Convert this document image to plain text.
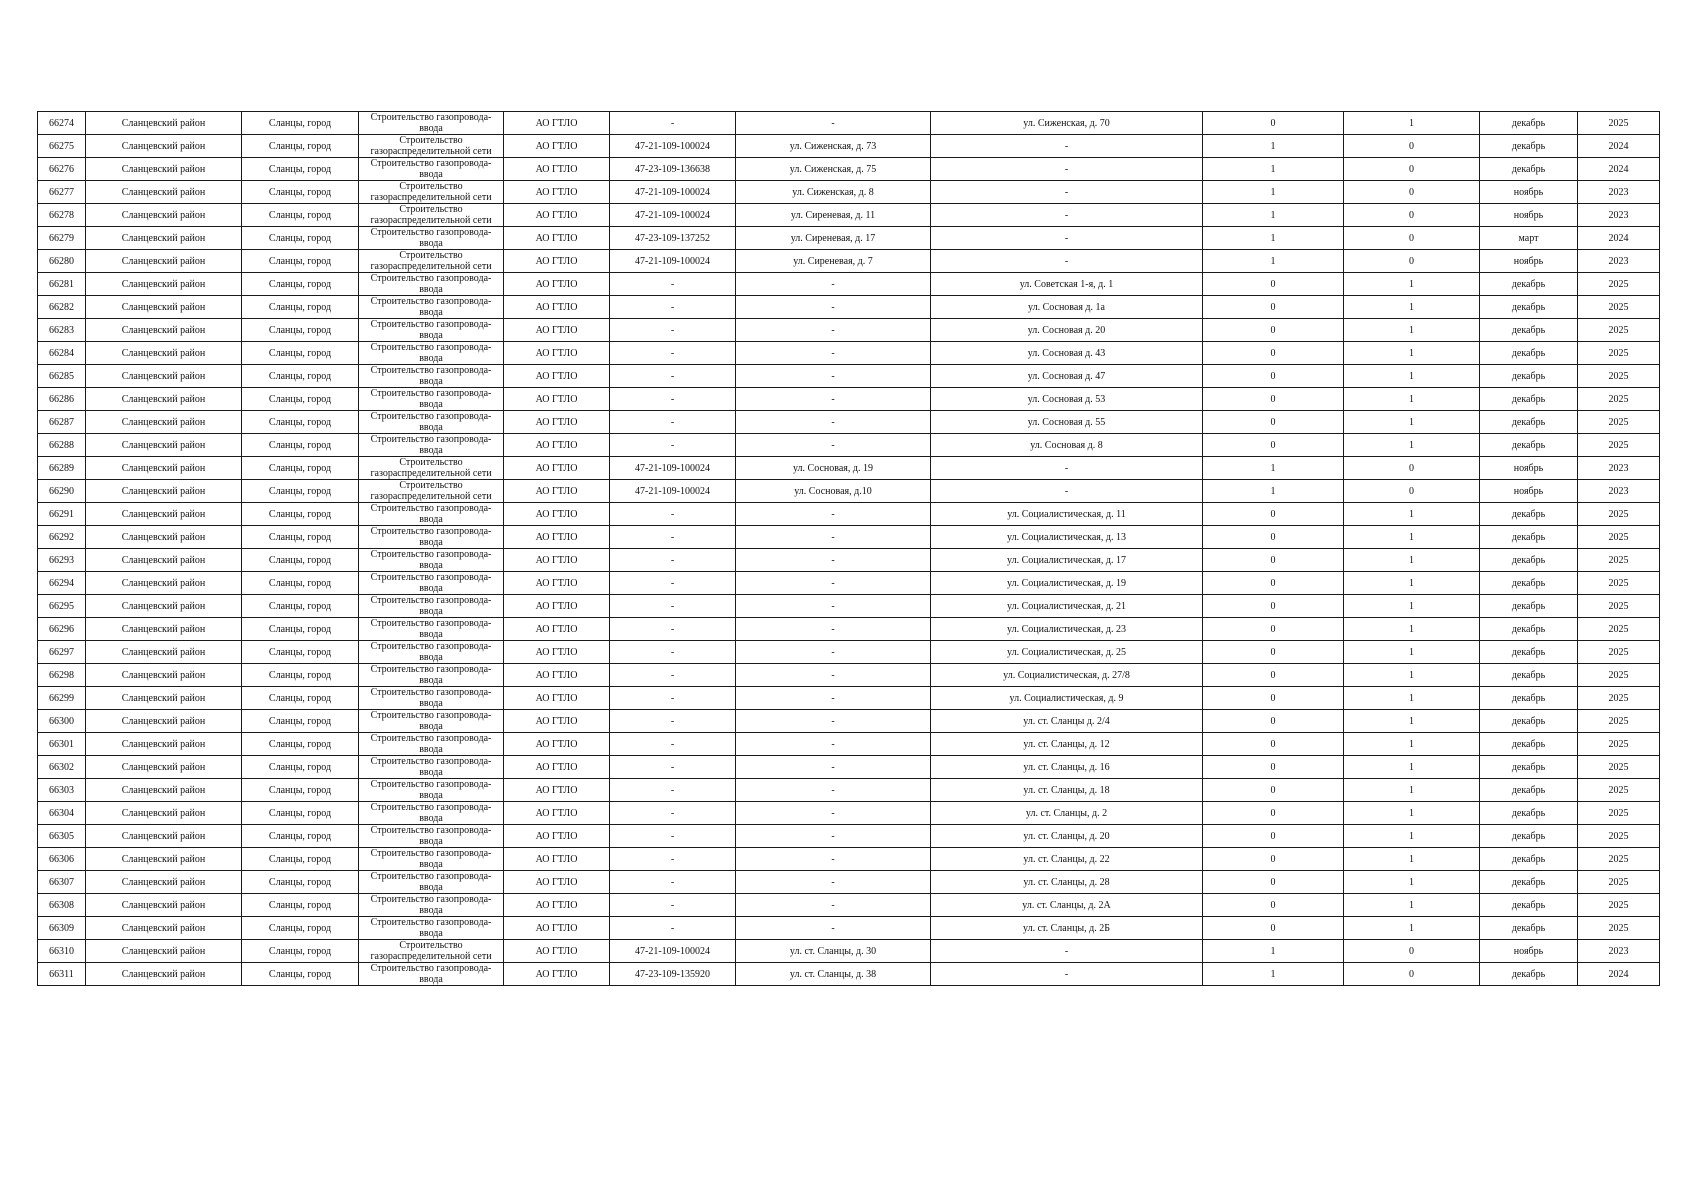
66274	Сланцевский район	Сланцы, город	Строительство газопровода-ввода	АО ГТЛО	-	-	ул. Сиженская, д. 70	0	1	декабрь	2025
66275	Сланцевский район	Сланцы, город	Строительство газораспределительной сети	АО ГТЛО	47-21-109-100024	ул. Сиженская, д. 73	-	1	0	декабрь	2024
66276	Сланцевский район	Сланцы, город	Строительство газопровода-ввода	АО ГТЛО	47-23-109-136638	ул. Сиженская, д. 75	-	1	0	декабрь	2024
66277	Сланцевский район	Сланцы, город	Строительство газораспределительной сети	АО ГТЛО	47-21-109-100024	ул. Сиженская, д. 8	-	1	0	ноябрь	2023
66278	Сланцевский район	Сланцы, город	Строительство газораспределительной сети	АО ГТЛО	47-21-109-100024	ул. Сиреневая, д. 11	-	1	0	ноябрь	2023
66279	Сланцевский район	Сланцы, город	Строительство газопровода-ввода	АО ГТЛО	47-23-109-137252	ул. Сиреневая, д. 17	-	1	0	март	2024
66280	Сланцевский район	Сланцы, город	Строительство газораспределительной сети	АО ГТЛО	47-21-109-100024	ул. Сиреневая, д. 7	-	1	0	ноябрь	2023
66281	Сланцевский район	Сланцы, город	Строительство газопровода-ввода	АО ГТЛО	-	-	ул. Советская 1-я, д. 1	0	1	декабрь	2025
66282	Сланцевский район	Сланцы, город	Строительство газопровода-ввода	АО ГТЛО	-	-	ул. Сосновая д. 1а	0	1	декабрь	2025
66283	Сланцевский район	Сланцы, город	Строительство газопровода-ввода	АО ГТЛО	-	-	ул. Сосновая д. 20	0	1	декабрь	2025
66284	Сланцевский район	Сланцы, город	Строительство газопровода-ввода	АО ГТЛО	-	-	ул. Сосновая д. 43	0	1	декабрь	2025
66285	Сланцевский район	Сланцы, город	Строительство газопровода-ввода	АО ГТЛО	-	-	ул. Сосновая д. 47	0	1	декабрь	2025
66286	Сланцевский район	Сланцы, город	Строительство газопровода-ввода	АО ГТЛО	-	-	ул. Сосновая д. 53	0	1	декабрь	2025
66287	Сланцевский район	Сланцы, город	Строительство газопровода-ввода	АО ГТЛО	-	-	ул. Сосновая д. 55	0	1	декабрь	2025
66288	Сланцевский район	Сланцы, город	Строительство газопровода-ввода	АО ГТЛО	-	-	ул. Сосновая д. 8	0	1	декабрь	2025
66289	Сланцевский район	Сланцы, город	Строительство газораспределительной сети	АО ГТЛО	47-21-109-100024	ул. Сосновая, д. 19	-	1	0	ноябрь	2023
66290	Сланцевский район	Сланцы, город	Строительство газораспределительной сети	АО ГТЛО	47-21-109-100024	ул. Сосновая, д.10	-	1	0	ноябрь	2023
66291	Сланцевский район	Сланцы, город	Строительство газопровода-ввода	АО ГТЛО	-	-	ул. Социалистическая, д. 11	0	1	декабрь	2025
66292	Сланцевский район	Сланцы, город	Строительство газопровода-ввода	АО ГТЛО	-	-	ул. Социалистическая, д. 13	0	1	декабрь	2025
66293	Сланцевский район	Сланцы, город	Строительство газопровода-ввода	АО ГТЛО	-	-	ул. Социалистическая, д. 17	0	1	декабрь	2025
66294	Сланцевский район	Сланцы, город	Строительство газопровода-ввода	АО ГТЛО	-	-	ул. Социалистическая, д. 19	0	1	декабрь	2025
66295	Сланцевский район	Сланцы, город	Строительство газопровода-ввода	АО ГТЛО	-	-	ул. Социалистическая, д. 21	0	1	декабрь	2025
66296	Сланцевский район	Сланцы, город	Строительство газопровода-ввода	АО ГТЛО	-	-	ул. Социалистическая, д. 23	0	1	декабрь	2025
66297	Сланцевский район	Сланцы, город	Строительство газопровода-ввода	АО ГТЛО	-	-	ул. Социалистическая, д. 25	0	1	декабрь	2025
66298	Сланцевский район	Сланцы, город	Строительство газопровода-ввода	АО ГТЛО	-	-	ул. Социалистическая, д. 27/8	0	1	декабрь	2025
66299	Сланцевский район	Сланцы, город	Строительство газопровода-ввода	АО ГТЛО	-	-	ул. Социалистическая, д. 9	0	1	декабрь	2025
66300	Сланцевский район	Сланцы, город	Строительство газопровода-ввода	АО ГТЛО	-	-	ул. ст. Сланцы д. 2/4	0	1	декабрь	2025
66301	Сланцевский район	Сланцы, город	Строительство газопровода-ввода	АО ГТЛО	-	-	ул. ст. Сланцы, д. 12	0	1	декабрь	2025
66302	Сланцевский район	Сланцы, город	Строительство газопровода-ввода	АО ГТЛО	-	-	ул. ст. Сланцы, д. 16	0	1	декабрь	2025
66303	Сланцевский район	Сланцы, город	Строительство газопровода-ввода	АО ГТЛО	-	-	ул. ст. Сланцы, д. 18	0	1	декабрь	2025
66304	Сланцевский район	Сланцы, город	Строительство газопровода-ввода	АО ГТЛО	-	-	ул. ст. Сланцы, д. 2	0	1	декабрь	2025
66305	Сланцевский район	Сланцы, город	Строительство газопровода-ввода	АО ГТЛО	-	-	ул. ст. Сланцы, д. 20	0	1	декабрь	2025
66306	Сланцевский район	Сланцы, город	Строительство газопровода-ввода	АО ГТЛО	-	-	ул. ст. Сланцы, д. 22	0	1	декабрь	2025
66307	Сланцевский район	Сланцы, город	Строительство газопровода-ввода	АО ГТЛО	-	-	ул. ст. Сланцы, д. 28	0	1	декабрь	2025
66308	Сланцевский район	Сланцы, город	Строительство газопровода-ввода	АО ГТЛО	-	-	ул. ст. Сланцы, д. 2А	0	1	декабрь	2025
66309	Сланцевский район	Сланцы, город	Строительство газопровода-ввода	АО ГТЛО	-	-	ул. ст. Сланцы, д. 2Б	0	1	декабрь	2025
66310	Сланцевский район	Сланцы, город	Строительство газораспределительной сети	АО ГТЛО	47-21-109-100024	ул. ст. Сланцы, д. 30	-	1	0	ноябрь	2023
66311	Сланцевский район	Сланцы, город	Строительство газопровода-ввода	АО ГТЛО	47-23-109-135920	ул. ст. Сланцы, д. 38	-	1	0	декабрь	2024
